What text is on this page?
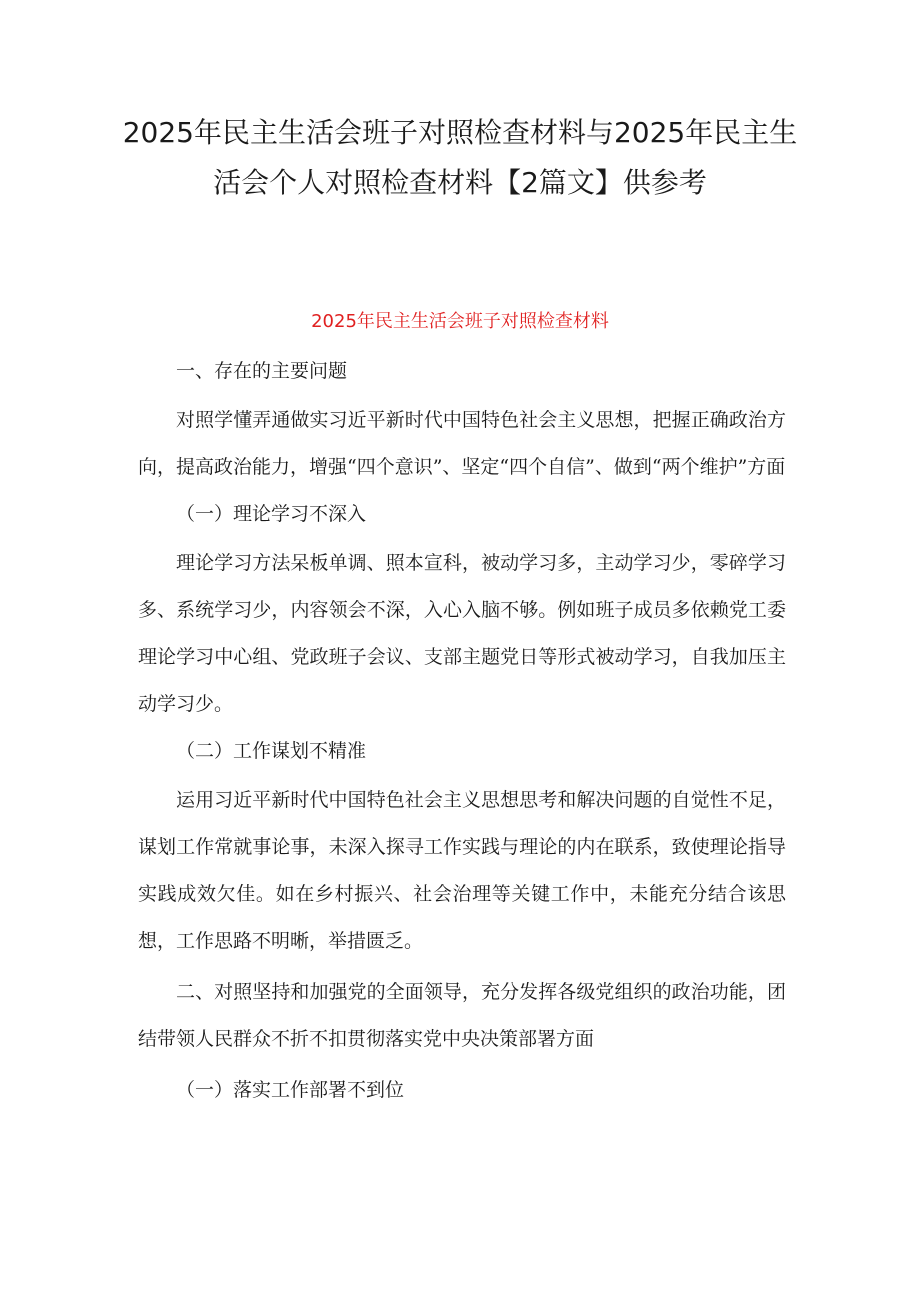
2025年民主生活会班子对照检查材料与2025年民主生活会个人对照检查材料【2篇文】供参考
2025年民主生活会班子对照检查材料

一、存在的主要问题

对照学懂弄通做实习近平新时代中国特色社会主义思想，把握正确政治方向，提高政治能力，增强“四个意识”、坚定“四个自信”、做到“两个维护”方面

（一）理论学习不深入

理论学习方法呆板单调、照本宣科，被动学习多，主动学习少，零碎学习多、系统学习少，内容领会不深，入心入脑不够。例如班子成员多依赖党工委理论学习中心组、党政班子会议、支部主题党日等形式被动学习，自我加压主动学习少。

（二）工作谋划不精准

运用习近平新时代中国特色社会主义思想思考和解决问题的自觉性不足，谋划工作常就事论事，未深入探寻工作实践与理论的内在联系，致使理论指导实践成效欠佳。如在乡村振兴、社会治理等关键工作中，未能充分结合该思想，工作思路不明晰，举措匮乏。

二、对照坚持和加强党的全面领导，充分发挥各级党组织的政治功能，团结带领人民群众不折不扣贯彻落实党中央决策部署方面

（一）落实工作部署不到位
